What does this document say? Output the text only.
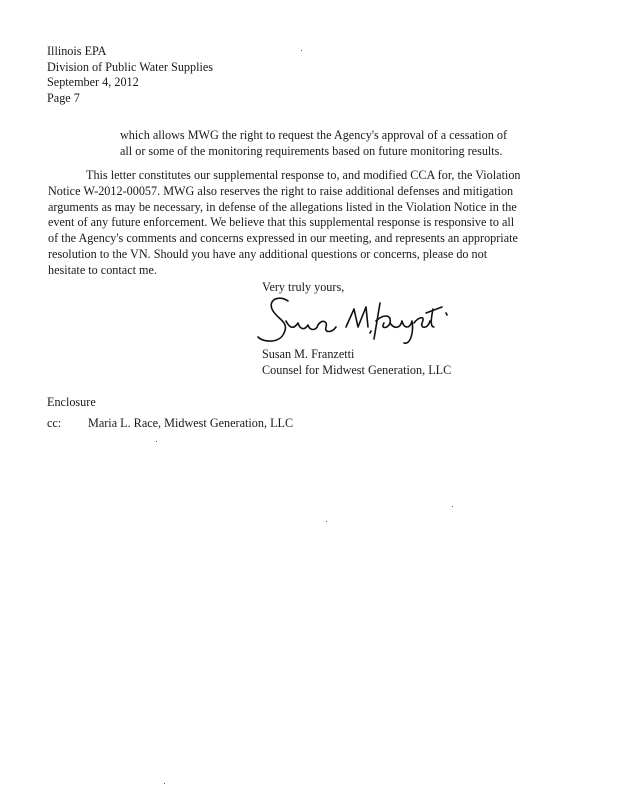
Illinois EPA
Division of Public Water Supplies
September 4, 2012
Page 7
which allows MWG the right to request the Agency's approval of a cessation of
all or some of the monitoring requirements based on future monitoring results.
This letter constitutes our supplemental response to, and modified CCA for, the Violation
Notice W-2012-00057. MWG also reserves the right to raise additional defenses and mitigation
arguments as may be necessary, in defense of the allegations listed in the Violation Notice in the
event of any future enforcement. We believe that this supplemental response is responsive to all
of the Agency's comments and concerns expressed in our meeting, and represents an appropriate
resolution to the VN. Should you have any additional questions or concerns, please do not
hesitate to contact me.
Very truly yours,
Susan M. Franzetti
Counsel for Midwest Generation, LLC
Enclosure
cc: Maria L. Race, Midwest Generation, LLC
